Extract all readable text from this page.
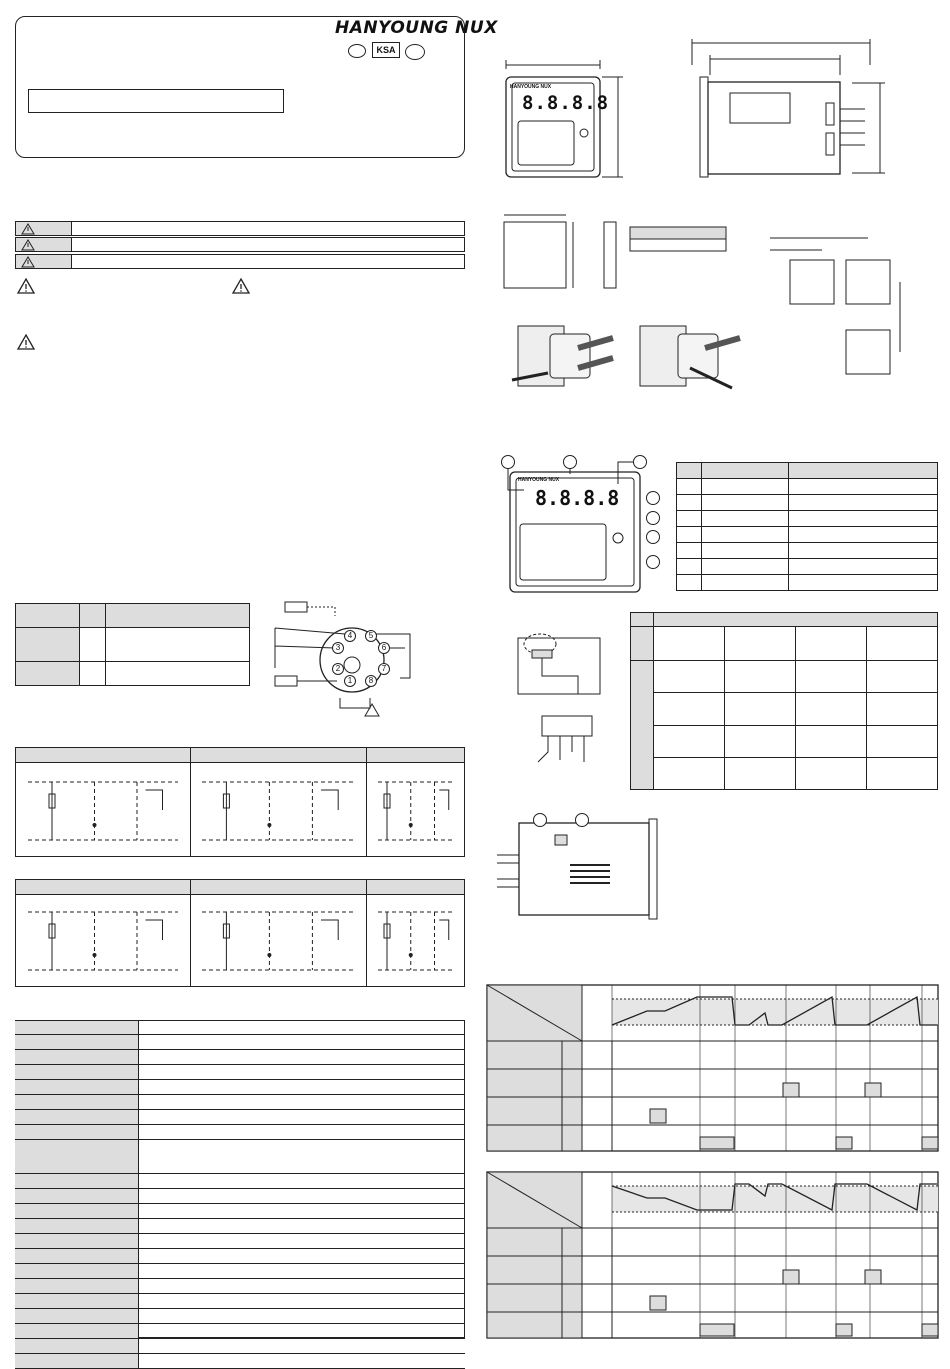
HANYOUNG NUX
KSA

1
2
3
4	5
6
7
8
8.8.8.8
HANYOUNG NUX
8.8.8.8
HANYOUNG NUX
